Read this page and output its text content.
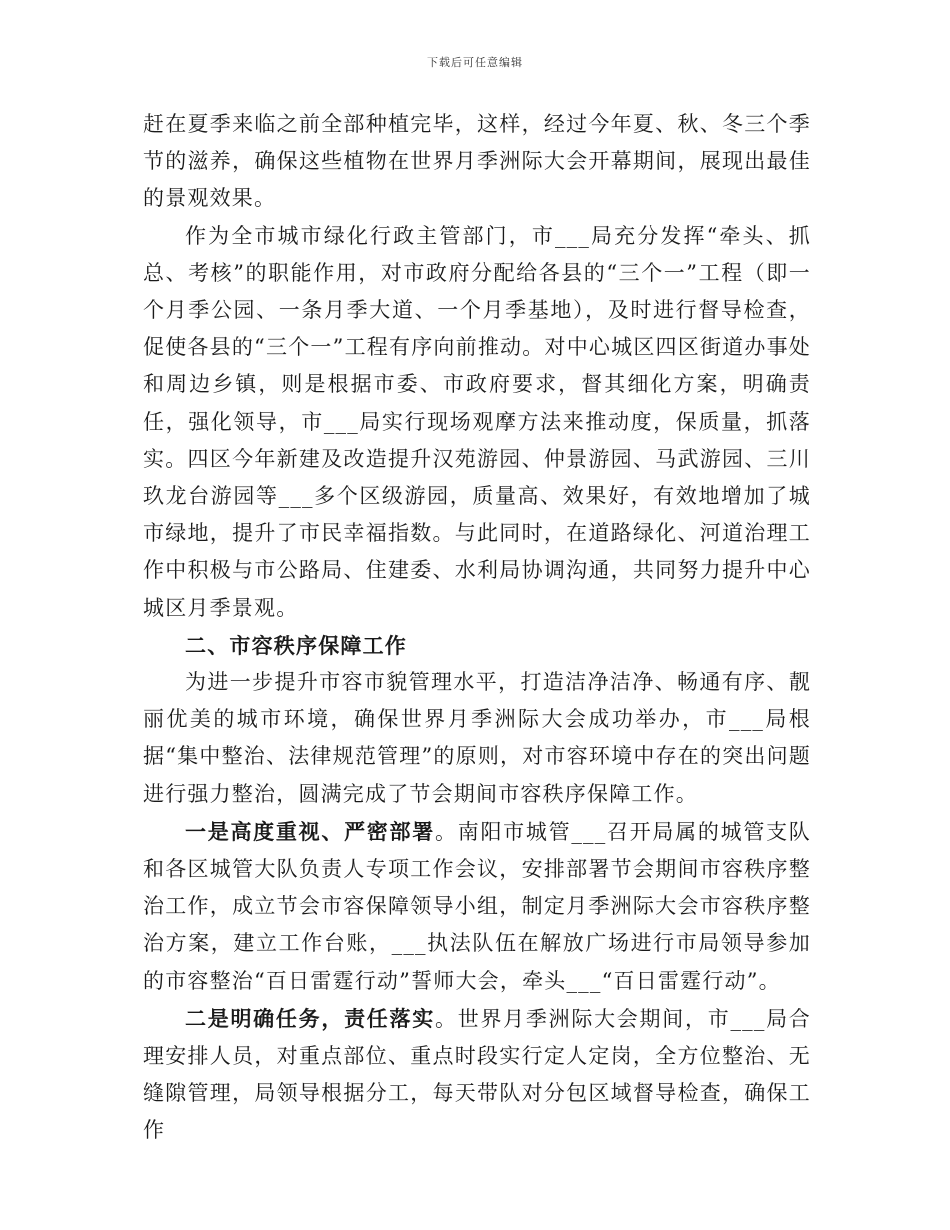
下载后可任意编辑

赶在夏季来临之前全部种植完毕，这样，经过今年夏、秋、冬三个季节的滋养，确保这些植物在世界月季洲际大会开幕期间，展现出最佳的景观效果。

作为全市城市绿化行政主管部门，市___局充分发挥“牵头、抓总、考核”的职能作用，对市政府分配给各县的“三个一”工程（即一个月季公园、一条月季大道、一个月季基地），及时进行督导检查，促使各县的“三个一”工程有序向前推动。对中心城区四区街道办事处和周边乡镇，则是根据市委、市政府要求，督其细化方案，明确责任，强化领导，市___局实行现场观摩方法来推动度，保质量，抓落实。四区今年新建及改造提升汉苑游园、仲景游园、马武游园、三川玖龙台游园等___多个区级游园，质量高、效果好，有效地增加了城市绿地，提升了市民幸福指数。与此同时，在道路绿化、河道治理工作中积极与市公路局、住建委、水利局协调沟通，共同努力提升中心城区月季景观。

二、市容秩序保障工作

为进一步提升市容市貌管理水平，打造洁净洁净、畅通有序、靓丽优美的城市环境，确保世界月季洲际大会成功举办，市___局根据“集中整治、法律规范管理”的原则，对市容环境中存在的突出问题进行强力整治，圆满完成了节会期间市容秩序保障工作。

一是高度重视、严密部署。南阳市城管___召开局属的城管支队和各区城管大队负责人专项工作会议，安排部署节会期间市容秩序整治工作，成立节会市容保障领导小组，制定月季洲际大会市容秩序整治方案，建立工作台账，___执法队伍在解放广场进行市局领导参加的市容整治“百日雷霆行动”誓师大会，牵头___“百日雷霆行动”。

二是明确任务，责任落实。世界月季洲际大会期间，市___局合理安排人员，对重点部位、重点时段实行定人定岗，全方位整治、无缝隙管理，局领导根据分工，每天带队对分包区域督导检查，确保工作
